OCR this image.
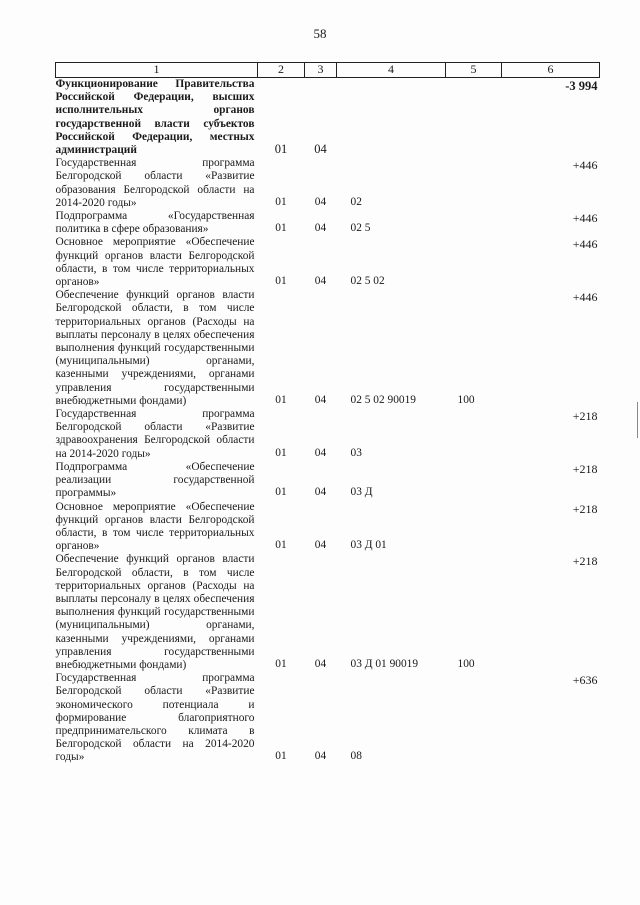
58
1	2	3	4	5	6
Функционирование Правительства Российской Федерации, высших исполнительных органов государственной власти субъектов Российской Федерации, местных администраций	01	04			-3 994
Государственная программа Белгородской области «Развитие образования Белгородской области на 2014-2020 годы»	01	04	02		+446
Подпрограмма «Государственная политика в сфере образования»	01	04	02 5		+446
Основное мероприятие «Обеспечение функций органов власти Белгородской области, в том числе территориальных органов»	01	04	02 5 02		+446
Обеспечение функций органов власти Белгородской области, в том числе территориальных органов (Расходы на выплаты персоналу в целях обеспечения выполнения функций государственными (муниципальными) органами, казенными учреждениями, органами управления государственными внебюджетными фондами)	01	04	02 5 02 90019	100	+446
Государственная программа Белгородской области «Развитие здравоохранения Белгородской области на 2014-2020 годы»	01	04	03		+218
Подпрограмма «Обеспечение реализации государственной программы»	01	04	03 Д		+218
Основное мероприятие «Обеспечение функций органов власти Белгородской области, в том числе территориальных органов»	01	04	03 Д 01		+218
Обеспечение функций органов власти Белгородской области, в том числе территориальных органов (Расходы на выплаты персоналу в целях обеспечения выполнения функций государственными (муниципальными) органами, казенными учреждениями, органами управления государственными внебюджетными фондами)	01	04	03 Д 01 90019	100	+218
Государственная программа Белгородской области «Развитие экономического потенциала и формирование благоприятного предпринимательского климата в Белгородской области на 2014-2020 годы»	01	04	08		+636
